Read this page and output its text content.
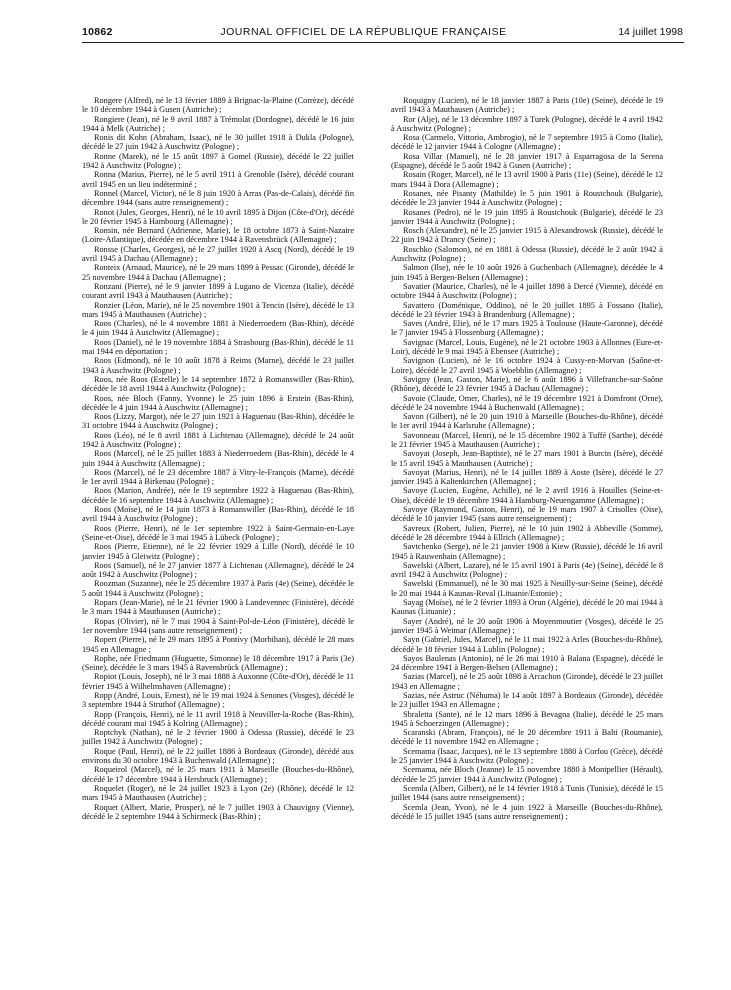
10862	JOURNAL OFFICIEL DE LA RÉPUBLIQUE FRANÇAISE	14 juillet 1998

Rongere (Alfred), né le 13 février 1889 à Brignac-la-Plaine (Corrèze), décédé le 10 décembre 1944 à Gusen (Autriche) ;

Rongiere (Jean), né le 9 avril 1887 à Trémolat (Dordogne), décédé le 16 juin 1944 à Melk (Autriche) ;

Ronis dit Kohn (Abraham, Isaac), né le 30 juillet 1918 à Dukla (Pologne), décédé le 27 juin 1942 à Auschwitz (Pologne) ;

Ronne (Marek), né le 15 août 1897 à Gomel (Russie), décédé le 22 juillet 1942 à Auschwitz (Pologne) ;

Ronna (Marius, Pierre), né le 5 avril 1911 à Grenoble (Isère), décédé courant avril 1945 en un lieu indéterminé ;

Ronnel (Marcel, Victor), né le 8 juin 1920 à Arras (Pas-de-Calais), décédé fin décembre 1944 (sans autre renseignement) ;

Ronot (Jules, Georges, Henri), né le 10 avril 1895 à Dijon (Côte-d'Or), décédé le 20 février 1945 à Hambourg (Allemagne) ;

Ronsin, née Bernard (Adrienne, Marie), le 18 octobre 1873 à Saint-Nazaire (Loire-Atlantique), décédée en décembre 1944 à Ravensbrück (Allemagne) ;

Ronsse (Charles, Georges), né le 27 juillet 1920 à Ascq (Nord), décédé le 19 avril 1945 à Dachau (Allemagne) ;

Ronteix (Arnaud, Maurice), né le 29 mars 1899 à Pessac (Gironde), décédé le 25 novembre 1944 à Dachau (Allemagne) ;

Ronzani (Pierre), né le 9 janvier 1899 à Lugano de Vicenza (Italie), décédé courant avril 1943 à Mauthausen (Autriche) ;

Ronzier (Léon, Marie), né le 25 novembre 1901 à Tencin (Isère), décédé le 13 mars 1945 à Mauthausen (Autriche) ;

Roos (Charles), né le 4 novembre 1881 à Niederroedern (Bas-Rhin), décédé le 4 juin 1944 à Auschwitz (Allemagne) ;

Roos (Daniel), né le 19 novembre 1884 à Strasbourg (Bas-Rhin), décédé le 11 mai 1944 en déportation ;

Roos (Edmond), né le 10 août 1878 à Reims (Marne), décédé le 23 juillet 1943 à Auschwitz (Pologne) ;

Roos, née Roos (Estelle) le 14 septembre 1872 à Romanswiller (Bas-Rhin), décédée le 18 avril 1944 à Auschwitz (Pologne) ;

Roos, née Bloch (Fanny, Yvonne) le 25 juin 1896 à Erstein (Bas-Rhin), décédée le 4 juin 1944 à Auschwitz (Allemagne) ;

Roos (Lizzy, Margot), née le 27 juin 1921 à Haguenau (Bas-Rhin), décédée le 31 octobre 1944 à Auschwitz (Pologne) ;

Roos (Léo), né le 8 avril 1881 à Lichtenau (Allemagne), décédé le 24 août 1942 à Auschwitz (Pologne) ;

Roos (Marcel), né le 25 juillet 1883 à Niederroedern (Bas-Rhin), décédé le 4 juin 1944 à Auschwitz (Allemagne) ;

Roos (Marcel), né le 23 décembre 1887 à Vitry-le-François (Marne), décédé le 1er avril 1944 à Birkenau (Pologne) ;

Roos (Marion, Andrée), née le 19 septembre 1922 à Haguenau (Bas-Rhin), décédée le 16 septembre 1944 à Auschwitz (Allemagne) ;

Roos (Moïse), né le 14 juin 1873 à Romanswiller (Bas-Rhin), décédé le 18 avril 1944 à Auschwitz (Pologne) ;

Roos (Pierre, Henri), né le 1er septembre 1922 à Saint-Germain-en-Laye (Seine-et-Oise), décédé le 3 mai 1945 à Lübeck (Pologne) ;

Roos (Pierre, Etienne), né le 22 février 1929 à Lille (Nord), décédé le 10 janvier 1945 à Gleiwitz (Pologne) ;

Roos (Samuel), né le 27 janvier 1877 à Lichtenau (Allemagne), décédé le 24 août 1942 à Auschwitz (Pologne) ;

Roozman (Suzanne), née le 25 décembre 1937 à Paris (4e) (Seine), décédée le 5 août 1944 à Auschwitz (Pologne) ;

Ropars (Jean-Marie), né le 21 février 1900 à Landevennec (Finistère), décédé le 3 mars 1944 à Mauthausen (Autriche) ;

Ropas (Olivier), né le 7 mai 1904 à Saint-Pol-de-Léon (Finistère), décédé le 1er novembre 1944 (sans autre renseignement) ;

Ropert (Pierre), né le 29 mars 1895 à Pontivy (Morbihan), décédé le 28 mars 1945 en Allemagne ;

Rophe, née Friedmann (Huguette, Simonne) le 18 décembre 1917 à Paris (3e) (Seine), décédée le 3 mars 1945 à Ravensbrück (Allemagne) ;

Ropiot (Louis, Joseph), né le 3 mai 1888 à Auxonne (Côte-d'Or), décédé le 11 février 1945 à Wilhelmshaven (Allemagne) ;

Ropp (André, Louis, Ernest), né le 19 mai 1924 à Senones (Vosges), décédé le 3 septembre 1944 à Struthof (Allemagne) ;

Ropp (François, Henri), né le 11 avril 1918 à Neuviller-la-Roche (Bas-Rhin), décédé courant mai 1945 à Kolring (Allemagne) ;

Roptchyk (Nathan), né le 2 février 1900 à Odessa (Russie), décédé le 23 juillet 1942 à Auschwitz (Pologne) ;

Roque (Paul, Henri), né le 22 juillet 1886 à Bordeaux (Gironde), décédé aux environs du 30 octobre 1943 à Buchenwald (Allemagne) ;

Roqueirol (Marcel), né le 25 mars 1911 à Marseille (Bouches-du-Rhône), décédé le 17 décembre 1944 à Hersbruck (Allemagne) ;

Roquelet (Roger), né le 24 juillet 1923 à Lyon (2e) (Rhône), décédé le 12 mars 1945 à Mauthausen (Autriche) ;

Roquet (Albert, Marie, Prosper), né le 7 juillet 1903 à Chauvigny (Vienne), décédé le 2 septembre 1944 à Schirmeck (Bas-Rhin) ;

Roquigny (Lucien), né le 18 janvier 1887 à Paris (10e) (Seine), décédé le 19 avril 1943 à Mauthausen (Autriche) ;

Ror (Alje), né le 13 décembre 1897 à Turek (Pologne), décédé le 4 avril 1942 à Auschwitz (Pologne) ;

Rosa (Carmelo, Vittorio, Ambrogio), né le 7 septembre 1915 à Como (Italie), décédé le 12 janvier 1944 à Cologne (Allemagne) ;

Rosa Villar (Manuel), né le 28 janvier 1917 à Esparragosa de la Serena (Espagne), décédé le 5 août 1942 à Gusen (Autriche) ;

Rosain (Roger, Marcel), né le 13 avril 1900 à Paris (11e) (Seine), décédé le 12 mars 1944 à Dora (Allemagne) ;

Rosanes, née Pisanty (Mathilde) le 5 juin 1901 à Roustchouk (Bulgarie), décédée le 23 janvier 1944 à Auschwitz (Pologne) ;

Rosanes (Pedro), né le 19 juin 1895 à Roustchouk (Bulgarie), décédé le 23 janvier 1944 à Auschwitz (Pologne) ;

Rosch (Alexandre), né le 25 janvier 1915 à Alexandrowsk (Russie), décédé le 22 juin 1942 à Drancy (Seine) ;

Roschko (Salomon), né en 1881 à Odessa (Russie), décédé le 2 août 1942 à Auschwitz (Pologne) ;

Salmon (Ilse), née le 10 août 1926 à Guchenbach (Allemagne), décédée le 4 juin 1945 à Bergen-Belsen (Allemagne) ;

Savatier (Maurice, Charles), né le 4 juillet 1898 à Dercé (Vienne), décédé en octobre 1944 à Auschwitz (Pologne) ;

Savattero (Doménique, Oddino), né le 20 juillet 1895 à Fossano (Italie), décédé le 23 février 1943 à Brandenburg (Allemagne) ;

Saves (André, Elie), né le 17 mars 1925 à Toulouse (Haute-Garonne), décédé le 7 janvier 1945 à Flossenburg (Allemagne) ;

Savignac (Marcel, Louis, Eugène), né le 21 octobre 1903 à Allonnes (Eure-et-Loir), décédé le 9 mai 1945 à Ebensee (Autriche) ;

Savignon (Lucien), né le 16 octobre 1924 à Cussy-en-Morvan (Saône-et-Loire), décédé le 27 avril 1945 à Woebblin (Allemagne) ;

Savigny (Jean, Gaston, Marie), né le 6 août 1896 à Villefranche-sur-Saône (Rhône), décédé le 23 février 1945 à Dachau (Allemagne) ;

Savoie (Claude, Omer, Charles), né le 19 décembre 1921 à Domfront (Orne), décédé le 24 novembre 1944 à Buchenwald (Allemagne) ;

Savon (Gilbert), né le 20 juin 1910 à Marseille (Bouches-du-Rhône), décédé le 1er avril 1944 à Karlsruhe (Allemagne) ;

Savonneau (Marcel, Henri), né le 15 décembre 1902 à Tuffé (Sarthe), décédé le 21 février 1945 à Mauthausen (Autriche) ;

Savoyat (Joseph, Jean-Baptiste), né le 27 mars 1901 à Burcin (Isère), décédé le 15 avril 1945 à Mauthausen (Autriche) ;

Savoyat (Marius, Henri), né le 14 juillet 1889 à Aoste (Isère), décédé le 27 janvier 1945 à Kaltenkirchen (Allemagne) ;

Savoye (Lucien, Eugène, Achille), né le 2 avril 1916 à Houilles (Seine-et-Oise), décédé le 19 décembre 1944 à Hamburg-Neuengamme (Allemagne) ;

Savoye (Raymond, Gaston, Henri), né le 19 mars 1907 à Crisolles (Oise), décédé le 10 janvier 1945 (sans autre renseignement) ;

Savreux (Robert, Julien, Pierre), né le 10 juin 1902 à Abbeville (Somme), décédé le 28 décembre 1944 à Ellrich (Allemagne) ;

Savtchenko (Serge), né le 21 janvier 1908 à Kiew (Russie), décédé le 16 avril 1945 à Rauwenhain (Allemagne) ;

Sawelski (Albert, Lazare), né le 15 avril 1901 à Paris (4e) (Seine), décédé le 8 avril 1942 à Auschwitz (Pologne) ;

Sawelski (Emmanuel), né le 30 mai 1925 à Neuilly-sur-Seine (Seine), décédé le 20 mai 1944 à Kaunas-Reval (Lituanie/Estonie) ;

Sayag (Moïse), né le 2 février 1893 à Orun (Algérie), décédé le 20 mai 1944 à Kaunas (Lituanie) ;

Sayer (André), né le 20 août 1906 à Moyenmoutier (Vosges), décédé le 25 janvier 1945 à Weimar (Allemagne) ;

Sayn (Gabriel, Jules, Marcel), né le 11 mai 1922 à Arles (Bouches-du-Rhône), décédé le 18 février 1944 à Lublin (Pologne) ;

Sayos Baulenas (Antonio), né le 26 mai 1910 à Balana (Espagne), décédé le 24 décembre 1941 à Bergen-Belsen (Allemagne) ;

Sazias (Marcel), né le 25 août 1898 à Arcachon (Gironde), décédé le 23 juillet 1943 en Allemagne ;

Sazias, née Astruc (Néhuma) le 14 août 1897 à Bordeaux (Gironde), décédée le 23 juillet 1943 en Allemagne ;

Sbraletta (Sante), né le 12 mars 1896 à Bevagna (Italie), décédé le 25 mars 1945 à Schoerzingen (Allemagne) ;

Scaranski (Abram, François), né le 20 décembre 1911 à Balti (Roumanie), décédé le 11 novembre 1942 en Allemagne ;

Scemama (Isaac, Jacques), né le 13 septembre 1880 à Corfou (Grèce), décédé le 25 janvier 1944 à Auschwitz (Pologne) ;

Scemama, née Bloch (Jeanne) le 15 novembre 1880 à Montpellier (Hérault), décédée le 25 janvier 1944 à Auschwitz (Pologne) ;

Scemla (Albert, Gilbert), né le 14 février 1918 à Tunis (Tunisie), décédé le 15 juillet 1944 (sans autre renseignement) ;

Scemla (Jean, Yvon), né le 4 juin 1922 à Marseille (Bouches-du-Rhône), décédé le 15 juillet 1945 (sans autre renseignement) ;
